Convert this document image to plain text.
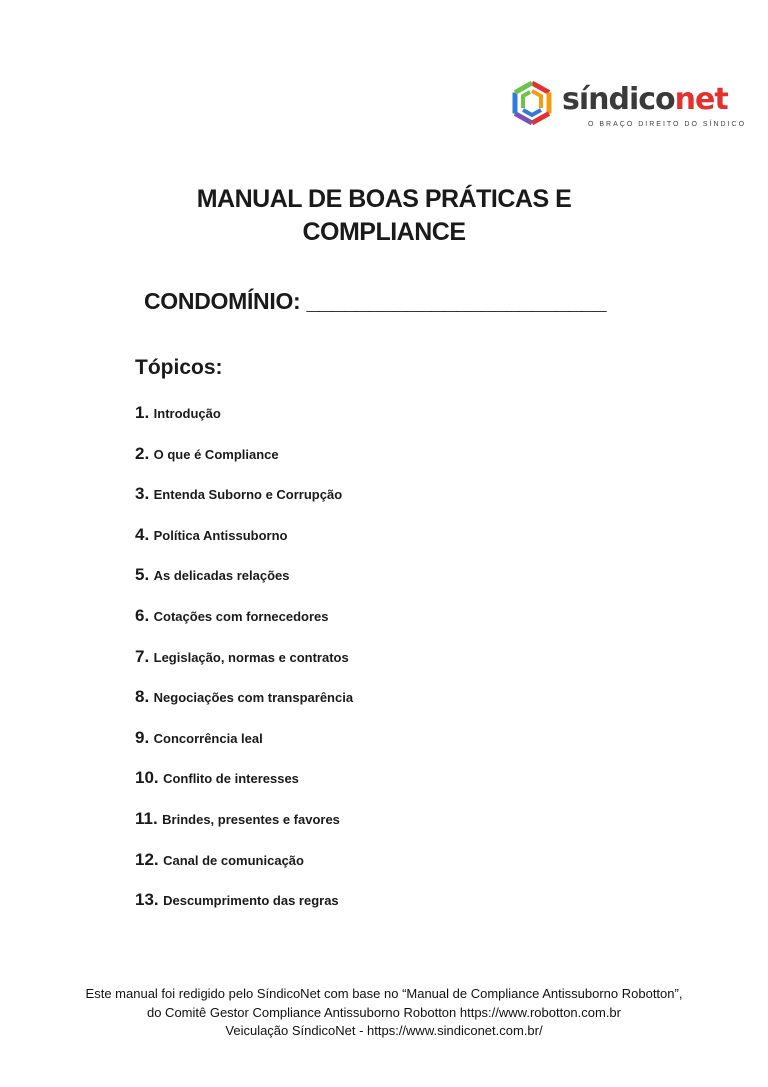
síndiconet
O BRAÇO DIREITO DO SÍNDICO
MANUAL DE BOAS PRÁTICAS E
COMPLIANCE
CONDOMÍNIO: ________________________
Tópicos:
1. Introdução
2. O que é Compliance
3. Entenda Suborno e Corrupção
4. Política Antissuborno
5. As delicadas relações
6. Cotações com fornecedores
7. Legislação, normas e contratos
8. Negociações com transparência
9. Concorrência leal
10. Conflito de interesses
11. Brindes, presentes e favores
12. Canal de comunicação
13. Descumprimento das regras
Este manual foi redigido pelo SíndicoNet com base no “Manual de Compliance Antissuborno Robotton”,
do Comitê Gestor Compliance Antissuborno Robotton https://www.robotton.com.br
Veiculação SíndicoNet - https://www.sindiconet.com.br/
